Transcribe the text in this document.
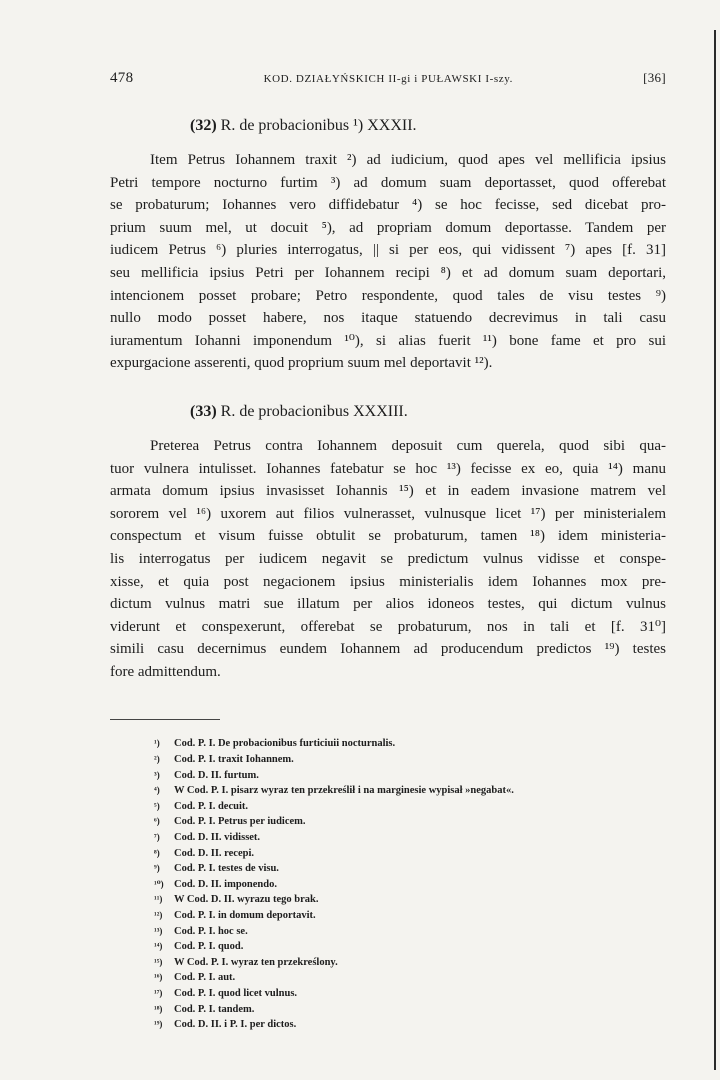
478	KOD. DZIAŁYŃSKICH II-gi i PUŁAWSKI I-szy.	[36]
(32) R. de probacionibus ¹) XXXII.
Item Petrus Iohannem traxit ²) ad iudicium, quod apes vel mellificia ipsius
Petri tempore nocturno furtim ³) ad domum suam deportasset, quod offerebat
se probaturum; Iohannes vero diffidebatur ⁴) se hoc fecisse, sed dicebat pro-
prium suum mel, ut docuit ⁵), ad propriam domum deportasse. Tandem per
iudicem Petrus ⁶) pluries interrogatus, || si per eos, qui vidissent ⁷) apes [f. 31]
seu mellificia ipsius Petri per Iohannem recipi ⁸) et ad domum suam deportari,
intencionem posset probare; Petro respondente, quod tales de visu testes ⁹)
nullo modo posset habere, nos itaque statuendo decrevimus in tali casu
iuramentum Iohanni imponendum ¹⁰), si alias fuerit ¹¹) bone fame et pro sui
expurgacione asserenti, quod proprium suum mel deportavit ¹²).
(33) R. de probacionibus XXXIII.
Preterea Petrus contra Iohannem deposuit cum querela, quod sibi qua-
tuor vulnera intulisset. Iohannes fatebatur se hoc ¹³) fecisse ex eo, quia ¹⁴) manu
armata domum ipsius invasisset Iohannis ¹⁵) et in eadem invasione matrem vel
sororem vel ¹⁶) uxorem aut filios vulnerasset, vulnusque licet ¹⁷) per ministerialem
conspectum et visum fuisse obtulit se probaturum, tamen ¹⁸) idem ministeria-
lis interrogatus per iudicem negavit se predictum vulnus vidisse et conspe-
xisse, et quia post negacionem ipsius ministerialis idem Iohannes mox pre-
dictum vulnus matri sue illatum per alios idoneos testes, qui dictum vulnus
viderunt et conspexerunt, offerebat se probaturum, nos in tali et [f. 31⁰]
simili casu decernimus eundem Iohannem ad producendum predictos ¹⁹) testes
fore admittendum.
¹) Cod. P. I. De probacionibus furticiuii nocturnalis.
²) Cod. P. I. traxit Iohannem.
³) Cod. D. II. furtum.
⁴) W Cod. P. I. pisarz wyraz ten przekreślił i na marginesie wypisał »negabat«.
⁵) Cod. P. I. decuit.
⁶) Cod. P. I. Petrus per iudicem.
⁷) Cod. D. II. vidisset.
⁸) Cod. D. II. recepi.
⁹) Cod. P. I. testes de visu.
¹⁰) Cod. D. II. imponendo.
¹¹) W Cod. D. II. wyrazu tego brak.
¹²) Cod. P. I. in domum deportavit.
¹³) Cod. P. I. hoc se.
¹⁴) Cod. P. I. quod.
¹⁵) W Cod. P. I. wyraz ten przekreślony.
¹⁶) Cod. P. I. aut.
¹⁷) Cod. P. I. quod licet vulnus.
¹⁸) Cod. P. I. tandem.
¹⁹) Cod. D. II. i P. I. per dictos.
